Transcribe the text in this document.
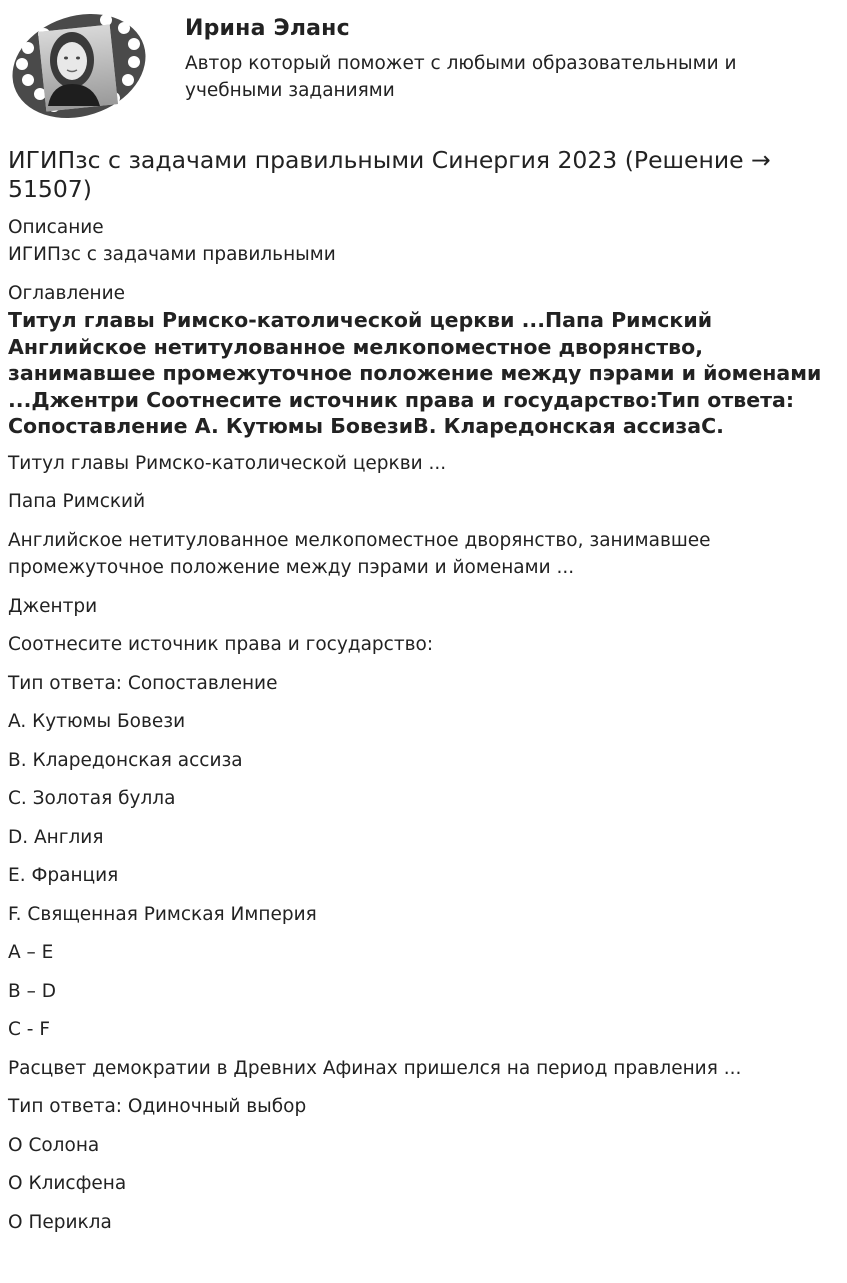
Ирина Эланс
Автор который поможет с любыми образовательными и учебными заданиями
ИГИПзс с задачами правильными Синергия 2023 (Решение → 51507)

Описание

ИГИПзс с задачами правильными

Оглавление

Титул главы Римско-католической церкви ...Папа Римский Английское нетитулованное мелкопоместное дворянство, занимавшее промежуточное положение между пэрами и йоменами ...Джентри Соотнесите источник права и государство:Тип ответа: Сопоставление A. Кутюмы БовезиB. Кларедонская ассизаC.

Титул главы Римско-католической церкви ...

Папа Римский

Английское нетитулованное мелкопоместное дворянство, занимавшее промежуточное положение между пэрами и йоменами ...

Джентри

Соотнесите источник права и государство:

Тип ответа: Сопоставление

A. Кутюмы Бовези

B. Кларедонская ассиза

C. Золотая булла

D. Англия

E. Франция

F. Священная Римская Империя

A – E

B – D

C - F

Расцвет демократии в Древних Афинах пришелся на период правления ...

Тип ответа: Одиночный выбор

O Солона

O Клисфена

O Перикла
